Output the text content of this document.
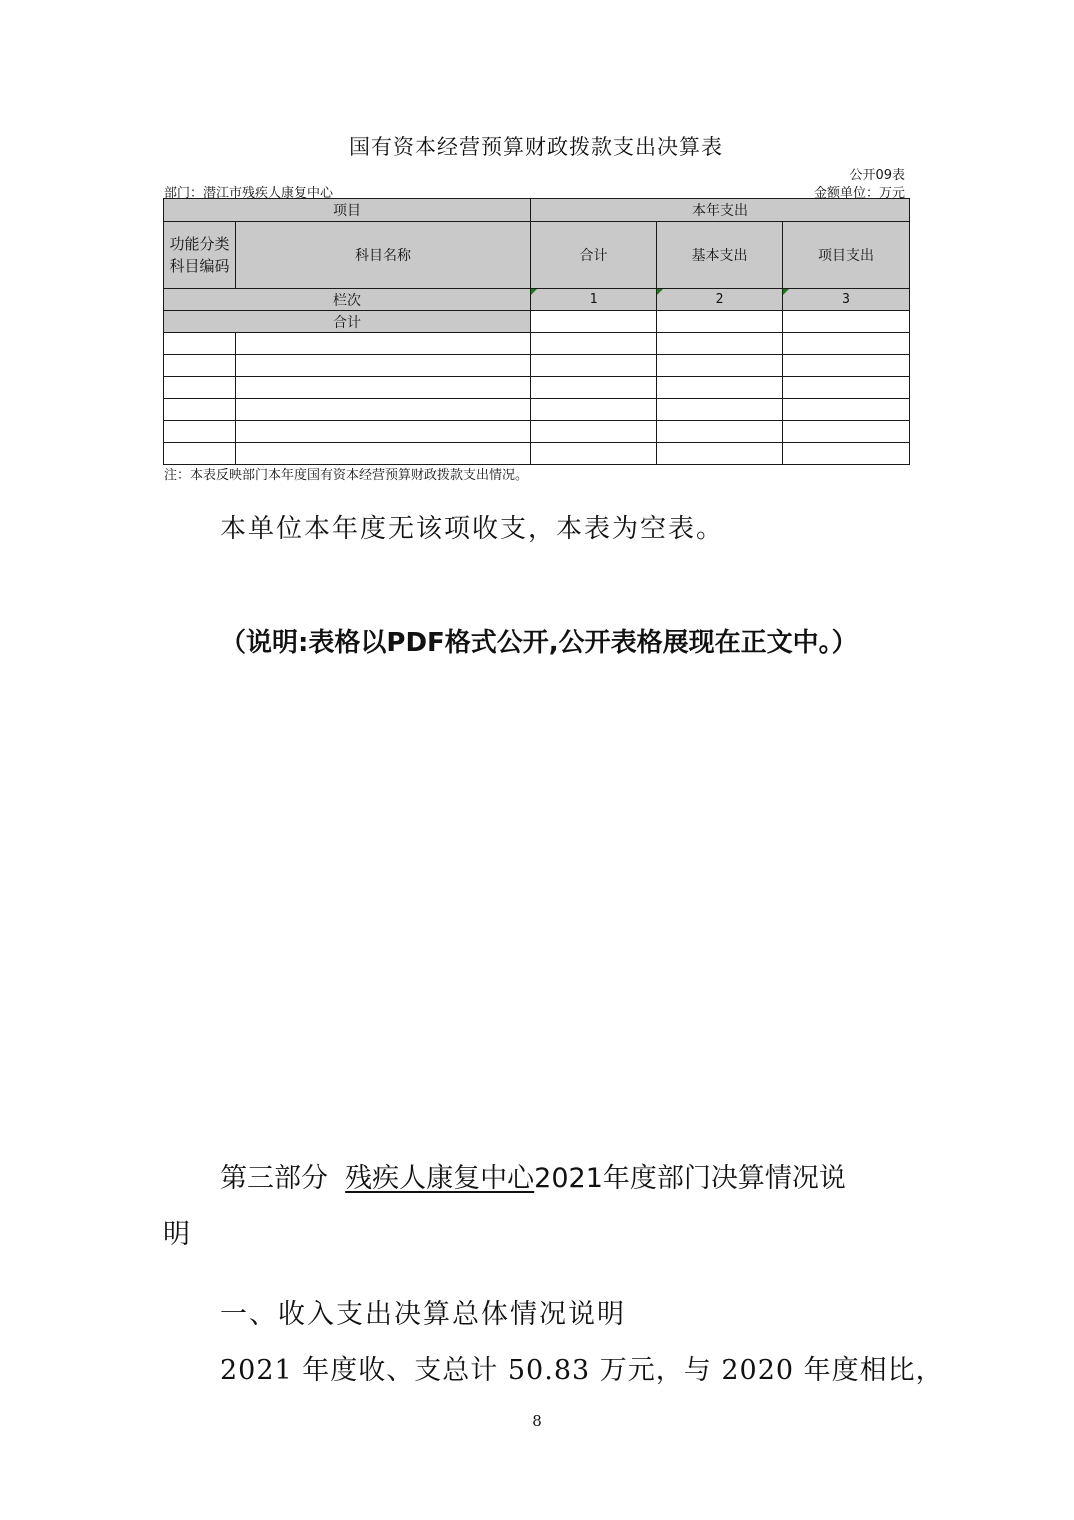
国有资本经营预算财政拨款支出决算表
公开09表
部门：潜江市残疾人康复中心	金额单位：万元
项目		本年支出		
功能分类
科目编码	科目名称	合计	基本支出	项目支出
栏次		1	2	3
合计				

注：本表反映部门本年度国有资本经营预算财政拨款支出情况。
本单位本年度无该项收支，本表为空表。
（说明:表格以PDF格式公开,公开表格展现在正文中。）
第三部分  残疾人康复中心2021年度部门决算情况说
明
一、收入支出决算总体情况说明
2021 年度收、支总计 50.83 万元，与 2020 年度相比，
8
